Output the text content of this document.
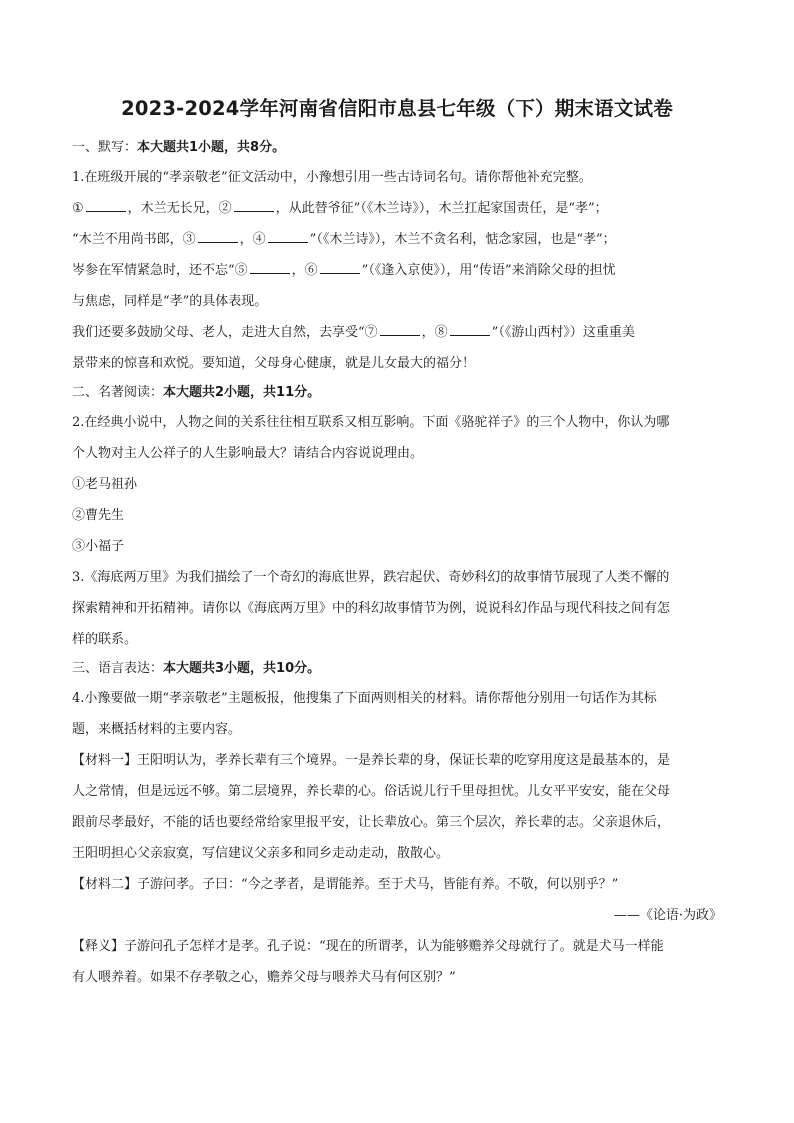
2023-2024学年河南省信阳市息县七年级（下）期末语文试卷

一、默写：本大题共1小题，共8分。

1.在班级开展的“孝亲敬老”征文活动中，小豫想引用一些古诗词名句。请你帮他补充完整。

①	，木兰无长兄，②	，从此替爷征”（《木兰诗》），木兰扛起家国责任，是“孝”；

“木兰不用尚书郎，③	，④	”（《木兰诗》），木兰不贪名利，惦念家园，也是“孝”；

岑参在军情紧急时，还不忘“⑤	，⑥	”（《逢入京使》），用“传语”来消除父母的担忧

与焦虑，同样是“孝”的具体表现。

我们还要多鼓励父母、老人，走进大自然，去享受“⑦	，⑧	”（《游山西村》）这重重美

景带来的惊喜和欢悦。要知道，父母身心健康，就是儿女最大的福分！

二、名著阅读：本大题共2小题，共11分。

2.在经典小说中，人物之间的关系往往相互联系又相互影响。下面《骆驼祥子》的三个人物中，你认为哪

个人物对主人公祥子的人生影响最大？请结合内容说说理由。

①老马祖孙

②曹先生

③小福子

3.《海底两万里》为我们描绘了一个奇幻的海底世界，跌宕起伏、奇妙科幻的故事情节展现了人类不懈的

探索精神和开拓精神。请你以《海底两万里》中的科幻故事情节为例，说说科幻作品与现代科技之间有怎

样的联系。

三、语言表达：本大题共3小题，共10分。

4.小豫要做一期“孝亲敬老”主题板报，他搜集了下面两则相关的材料。请你帮他分别用一句话作为其标

题，来概括材料的主要内容。

【材料一】王阳明认为，孝养长辈有三个境界。一是养长辈的身，保证长辈的吃穿用度这是最基本的，是

人之常情，但是远远不够。第二层境界，养长辈的心。俗话说儿行千里母担忧。儿女平平安安，能在父母

跟前尽孝最好，不能的话也要经常给家里报平安，让长辈放心。第三个层次，养长辈的志。父亲退休后，

王阳明担心父亲寂寞，写信建议父亲多和同乡走动走动，散散心。

【材料二】子游问孝。子曰：“今之孝者，是谓能养。至于犬马，皆能有养。不敬，何以别乎？”

——《论语·为政》

【释义】子游问孔子怎样才是孝。孔子说：“现在的所谓孝，认为能够赡养父母就行了。就是犬马一样能

有人喂养着。如果不存孝敬之心，赡养父母与喂养犬马有何区别？”
